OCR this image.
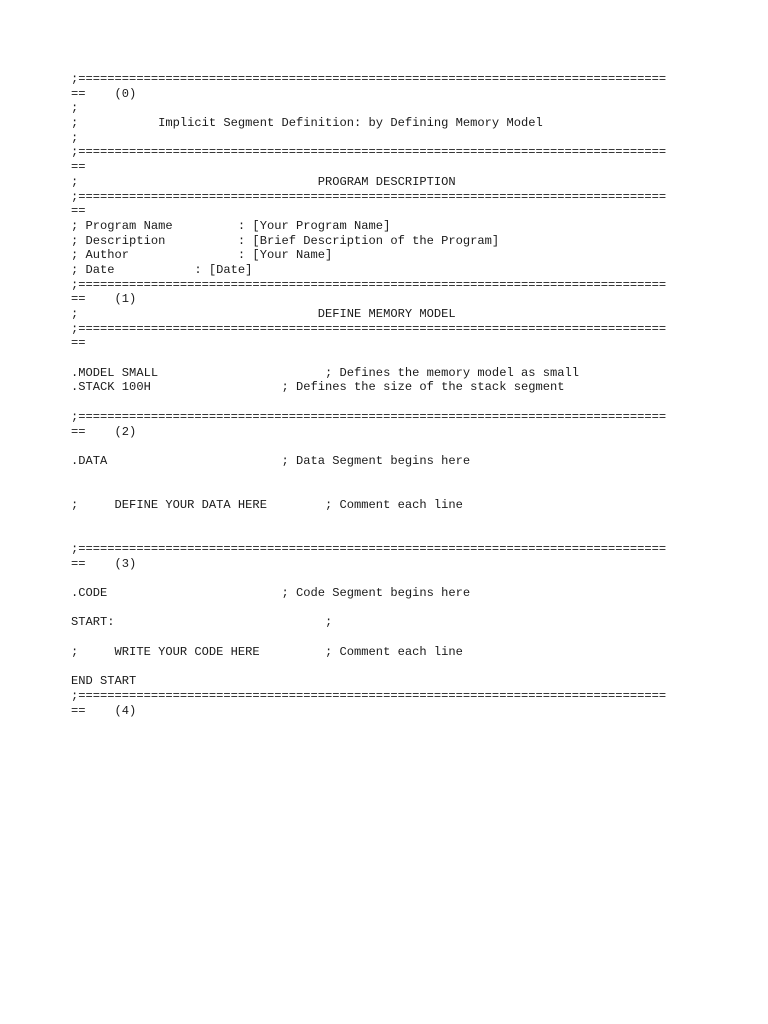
;=================================================================================
==    (0)
;
;           Implicit Segment Definition: by Defining Memory Model
;
;=================================================================================
==
;                                 PROGRAM DESCRIPTION
;=================================================================================
==
; Program Name         : [Your Program Name]
; Description          : [Brief Description of the Program]
; Author               : [Your Name]
; Date           : [Date]
;=================================================================================
==    (1)
;                                 DEFINE MEMORY MODEL
;=================================================================================
==
.MODEL SMALL                       ; Defines the memory model as small
.STACK 100H                  ; Defines the size of the stack segment
;=================================================================================
==    (2)
.DATA                        ; Data Segment begins here
;     DEFINE YOUR DATA HERE        ; Comment each line
;=================================================================================
==    (3)
.CODE                        ; Code Segment begins here
START:                             ;
;     WRITE YOUR CODE HERE         ; Comment each line
END START
;=================================================================================
==    (4)
